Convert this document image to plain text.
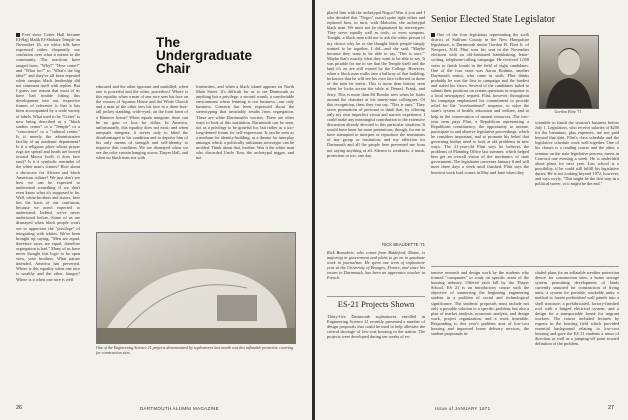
Ever since Cotter Hall became El-Hajj Malik El-Shabazz Temple on November 16, we white folk have expressed rather eloquently our confusion over what it means to the community. The reactions have ranged from, "Why?" "How come?" and "What for?" to "What's the big idea?" and they've all been repeated when campus black leadership did not comment itself with replies. But I guess one reason that most of us have had trouble fitting this development into our respective frames of reference is that it has been accompanied by a wide variety of labels. What used to be "Cotter" is now being described as a "black studies center" or a "Temple" or a "conscience" or a "cultural center." Is it merely the administrative facility of an academic department? Is it a religious place whose prayer rugs are spread and heads are bowed toward Mecca (well, it does face east)? Is it a symbolic reminder of the white man's crimes? How about a showcase for African and black American culture? We just don't see how we can be expected to understand something if we don't even know what it's supposed to be. Well, white brothers and sisters, here lies the basis of our confusion, because we aren't expected to understand. Indeed, we've never understood before. Some of us are dismayed when black people won't see to appreciate the "privilege" of integrating with whites. We've been brought up saying, "Men are equal, therefore races are equal, therefore segregation is bad." Many of us have never thought this logic to be open view, your brothers. What nature intended, America has perverted. Where is this equality when one race is wealthy and the other, hungry? Where is it when one race is well
The
Undergraduate
Chair
educated and the other ignorant and unskilled; when one is powerful and the other, powerless? Where is this equality when a man of one race sees his face on the crosses of Aquinas House and the White Church and a man of the other sees his face in a three-foot-tall jockey standing, wide-eyed, on the front lawn of a Hanover home? When equals integrate, there can be no gain or loss for either. In America, unfortunately, this equality does not exist; and when unequals integrate, it serves only to blind the disadvantaged to his condition and to deprive him of his only means of strength and self-identity to improve that condition. We are dismayed when we see the color curtain hanging across Thayer Hall, and when no black man sits with
fraternities, and when a black island appears on North Main Street. It's difficult for us to see Dartmouth as anything but a privilege, a second womb, a comfortable environment where learning is our business—our only business. Concern has been expressed about the stereotyping that invariably results from segregation. These are white Dartmouth's worries. There are other ways to look at this institution. Dartmouth can be seen, not as a privilege to be grateful for, but rather as a too-long-denied forum for self-expression. It can be seen as a medium for identity-building, as a theatre for interplay amongst which a politically utilitarian stereotype can be molded. Think about that, brother. Was it the white man who discarded Uncle Tom, the archetypal nigger, and not
One of the Engineering Science 21 projects demonstrated by sophomores last month was this inflatable protective covering for construction sites.
26	DARTMOUTH ALUMNI MAGAZINE
placed him with the archetypal Negro? Was it you and I who decided that "Negro" wasn't quite right either and replaced him, in turn, with Malcolm, the archetypal black man. We must not be stigmatized by stereotypes. They serve equally well as tools, or even weapons. Tonight, a black man told me to ask the white person of my choice why he or she thought black people simply wanted to be together. I did—and she said, "Maybe because they want to be able to say, 'This is ours.'" Maybe that's exactly what they want to be able to say. It was pitiable for me to see that the Temple itself and the land it's on are still owned by the College. However, when a black man walks into a hallway of that building, he knows that he will see his own face reflected in those of the men he meets. This is more than history seen when he looks across the table at Denzel, Frank, and Jerry. This is more than Ed Brooke sees when he looks around the chamber at his ninety-nine colleagues. Of this recognition, then, they can say, "This is ours." They serve promotions of personal to think that, by offering only my own imperfect vision and narrow experience, I could make any meaningful contribution to the extensive discussion already devoted to this particular situation. It would have been far more pretentious, though, for me to have attempted to interpret or reproduce the sentiments of any group or institution; and my affection for Dartmouth and all the people here prevented me from not saying anything at all. Silence is weakness, a mask, protection or too, one day.
RICK BEAUDETTE '71
Rick Beaudette, who comes from Biddeford, Maine, is majoring in government and plans to go on to graduate work in journalism. He spent one term of sophomore year at the University of Bourges, France, and since his return to Dartmouth, has been an apprentice teacher in French.
ES-21 Projects Shown
Thirty-five Dartmouth sophomores enrolled in Engineering Science 21 recently presented a number of design proposals that could be used to help alleviate the critical shortage of low-cost housing in the nation. The projects were developed during ten weeks of ex-
Senior Elected State Legislator
One of the four legislators representing the sixth district of Sullivan County in the New Hampshire legislature, is Dartmouth senior Gordon B. Flint Jr. of Newport, N.H. Flint won his seat in the November elections with an old-fashioned handshaking, letter-writing, telephone-calling campaign. He received 1,058 votes to finish fourth in the field of eight candidates. One of the four seats was Aaron Bodnitz, another Dartmouth senior, who came in sixth. Flint thinks probably he was the first to campaign and the hardest and stated his views. Several of the candidates failed to submit their positions on certain questions in response to a local newspapers' request. Flint, however, throughout his campaign emphasized his commitment to provide relief for the "overburdened" taxpayer, to solve the state's system of health, education and welfare, and to help in the conservation of natural resources. The two-year term pays Flint, a Republican representing a Republican constituency, the opportunity to initiate, participate in and observe legislative proceedings, which he considers important, and to promote his belief that governing bodies need to look at old problems in new ways. The 21-year-old Flint says he believes the problems of Planning Office last summer, which helped him get an overall vision of the mechanics of state government. The legislature convenes January 6 and will meet three days a week until finished. Flint says the heaviest work load comes in May and June when they
Gordon Flint '71
scramble to finish the session's business before July 1. Legislators, who receive salaries of $200 for the biennium, plus expenses, are not paid beyond that date. Flint's class schedule and the legislative schedule work well together. One of his classes is a reading course and the other, a seminar on the state legislative process, meets in Concord one evening a week. He is undecided about plans for next year. Law school is a possibility, if he could still fulfill his legislative duties. He is not looking beyond 1972, however, and says wryly, "This might be the first step in a political career, or it might be the end."
tensive research and design work by the students who formed "companies" to work on specific areas of the housing industry. Offered each fall by the Thayer School, ES 21 is an introductory course with the objective of immersing the beginning engineering student in a problem of social and technological significance. The students' proposals must include not only a possible solution to a specific problem, but also a plan of market analysis, economic analysis, and design work, project organization, and a work timetable. Responding to this year's problem area of low-cost housing and improved home delivery services, the student propounds in-
cluded plans for an inflatable weather protection device for construction sites; a home sewage system permitting development of lands currently unsuited for construction of living units; a system for portable, stackable units; a method to fasten prefinished wall panels into a shell structure; a prefabricated, factory-finished roof with a hinged electrical system; and a design for a transportable house for migrant workers. The course included lectures by experts in the housing field which provided essential background relating to low-cost housing and gave the ES 21 students a sense of direction as well as a jumping-off point toward definition of the problem.
Issue of JANUARY 1971	27
